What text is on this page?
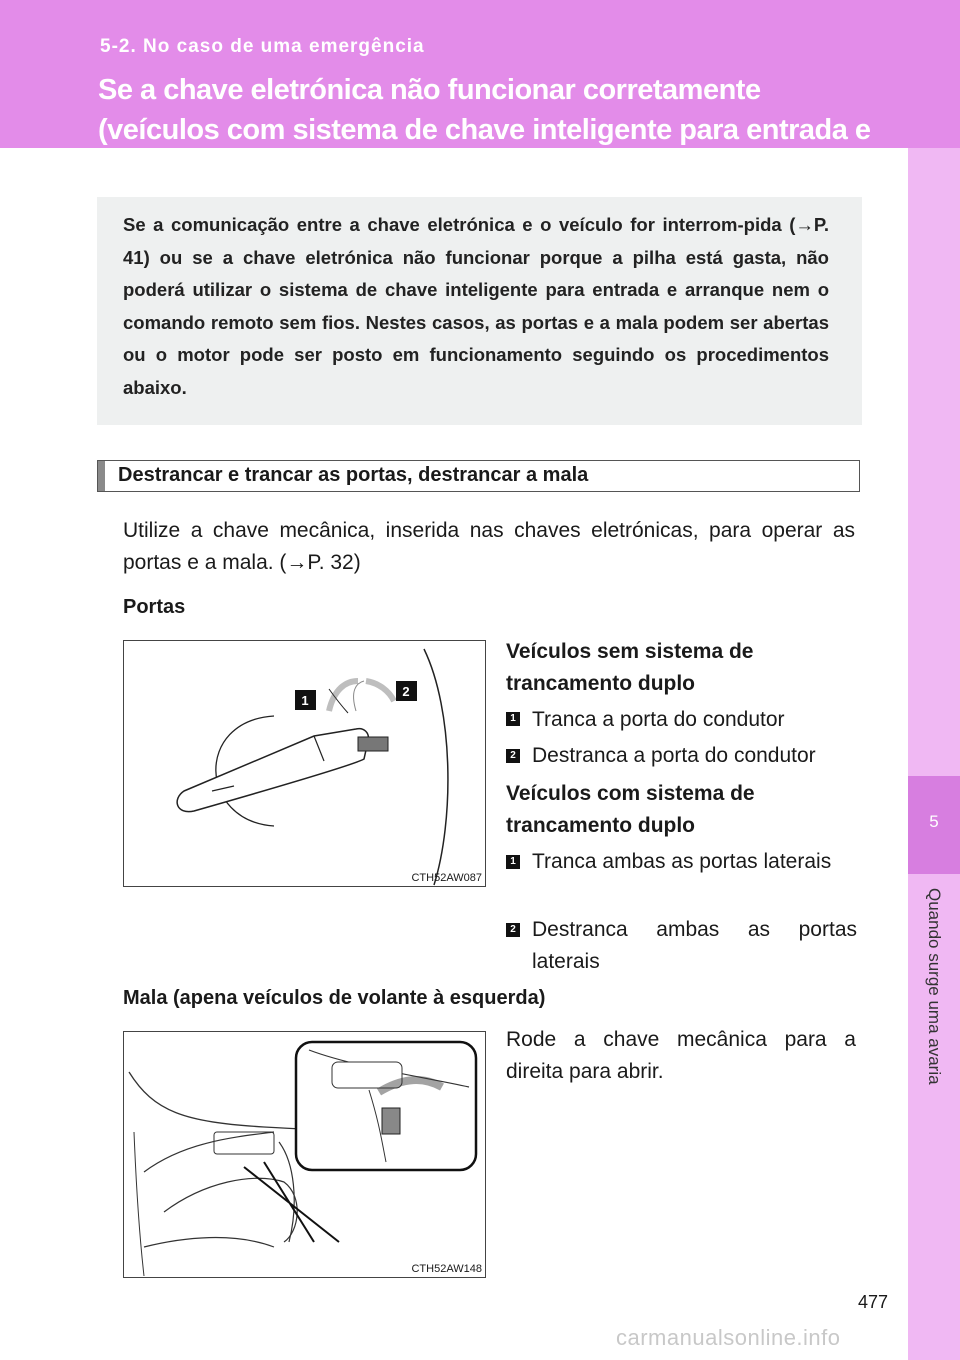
5-2. No caso de uma emergência
Se a chave eletrónica não funcionar corretamente (veículos com sistema de chave inteligente para entrada e arranque)
5
Quando surge uma avaria

Se a comunicação entre a chave eletrónica e o veículo for interrom-pida (→P. 41) ou se a chave eletrónica não funcionar porque a pilha está gasta, não poderá utilizar o sistema de chave inteligente para entrada e arranque nem o comando remoto sem fios. Nestes casos, as portas e a mala podem ser abertas ou o motor pode ser posto em funcionamento seguindo os procedimentos abaixo.

Destrancar e trancar as portas, destrancar a mala
Utilize a chave mecânica, inserida nas chaves eletrónicas, para operar as portas e a mala. (→P. 32)
Portas
1
2
CTH52AW087
Veículos sem sistema de trancamento duplo
1 Tranca a porta do condutor
2 Destranca a porta do condutor
Veículos com sistema de trancamento duplo
1 Tranca ambas as portas laterais
2 Destranca ambas as portas laterais
Mala (apena veículos de volante à esquerda)
CTH52AW148
Rode a chave mecânica para a direita para abrir.
477
carmanualsonline.info
